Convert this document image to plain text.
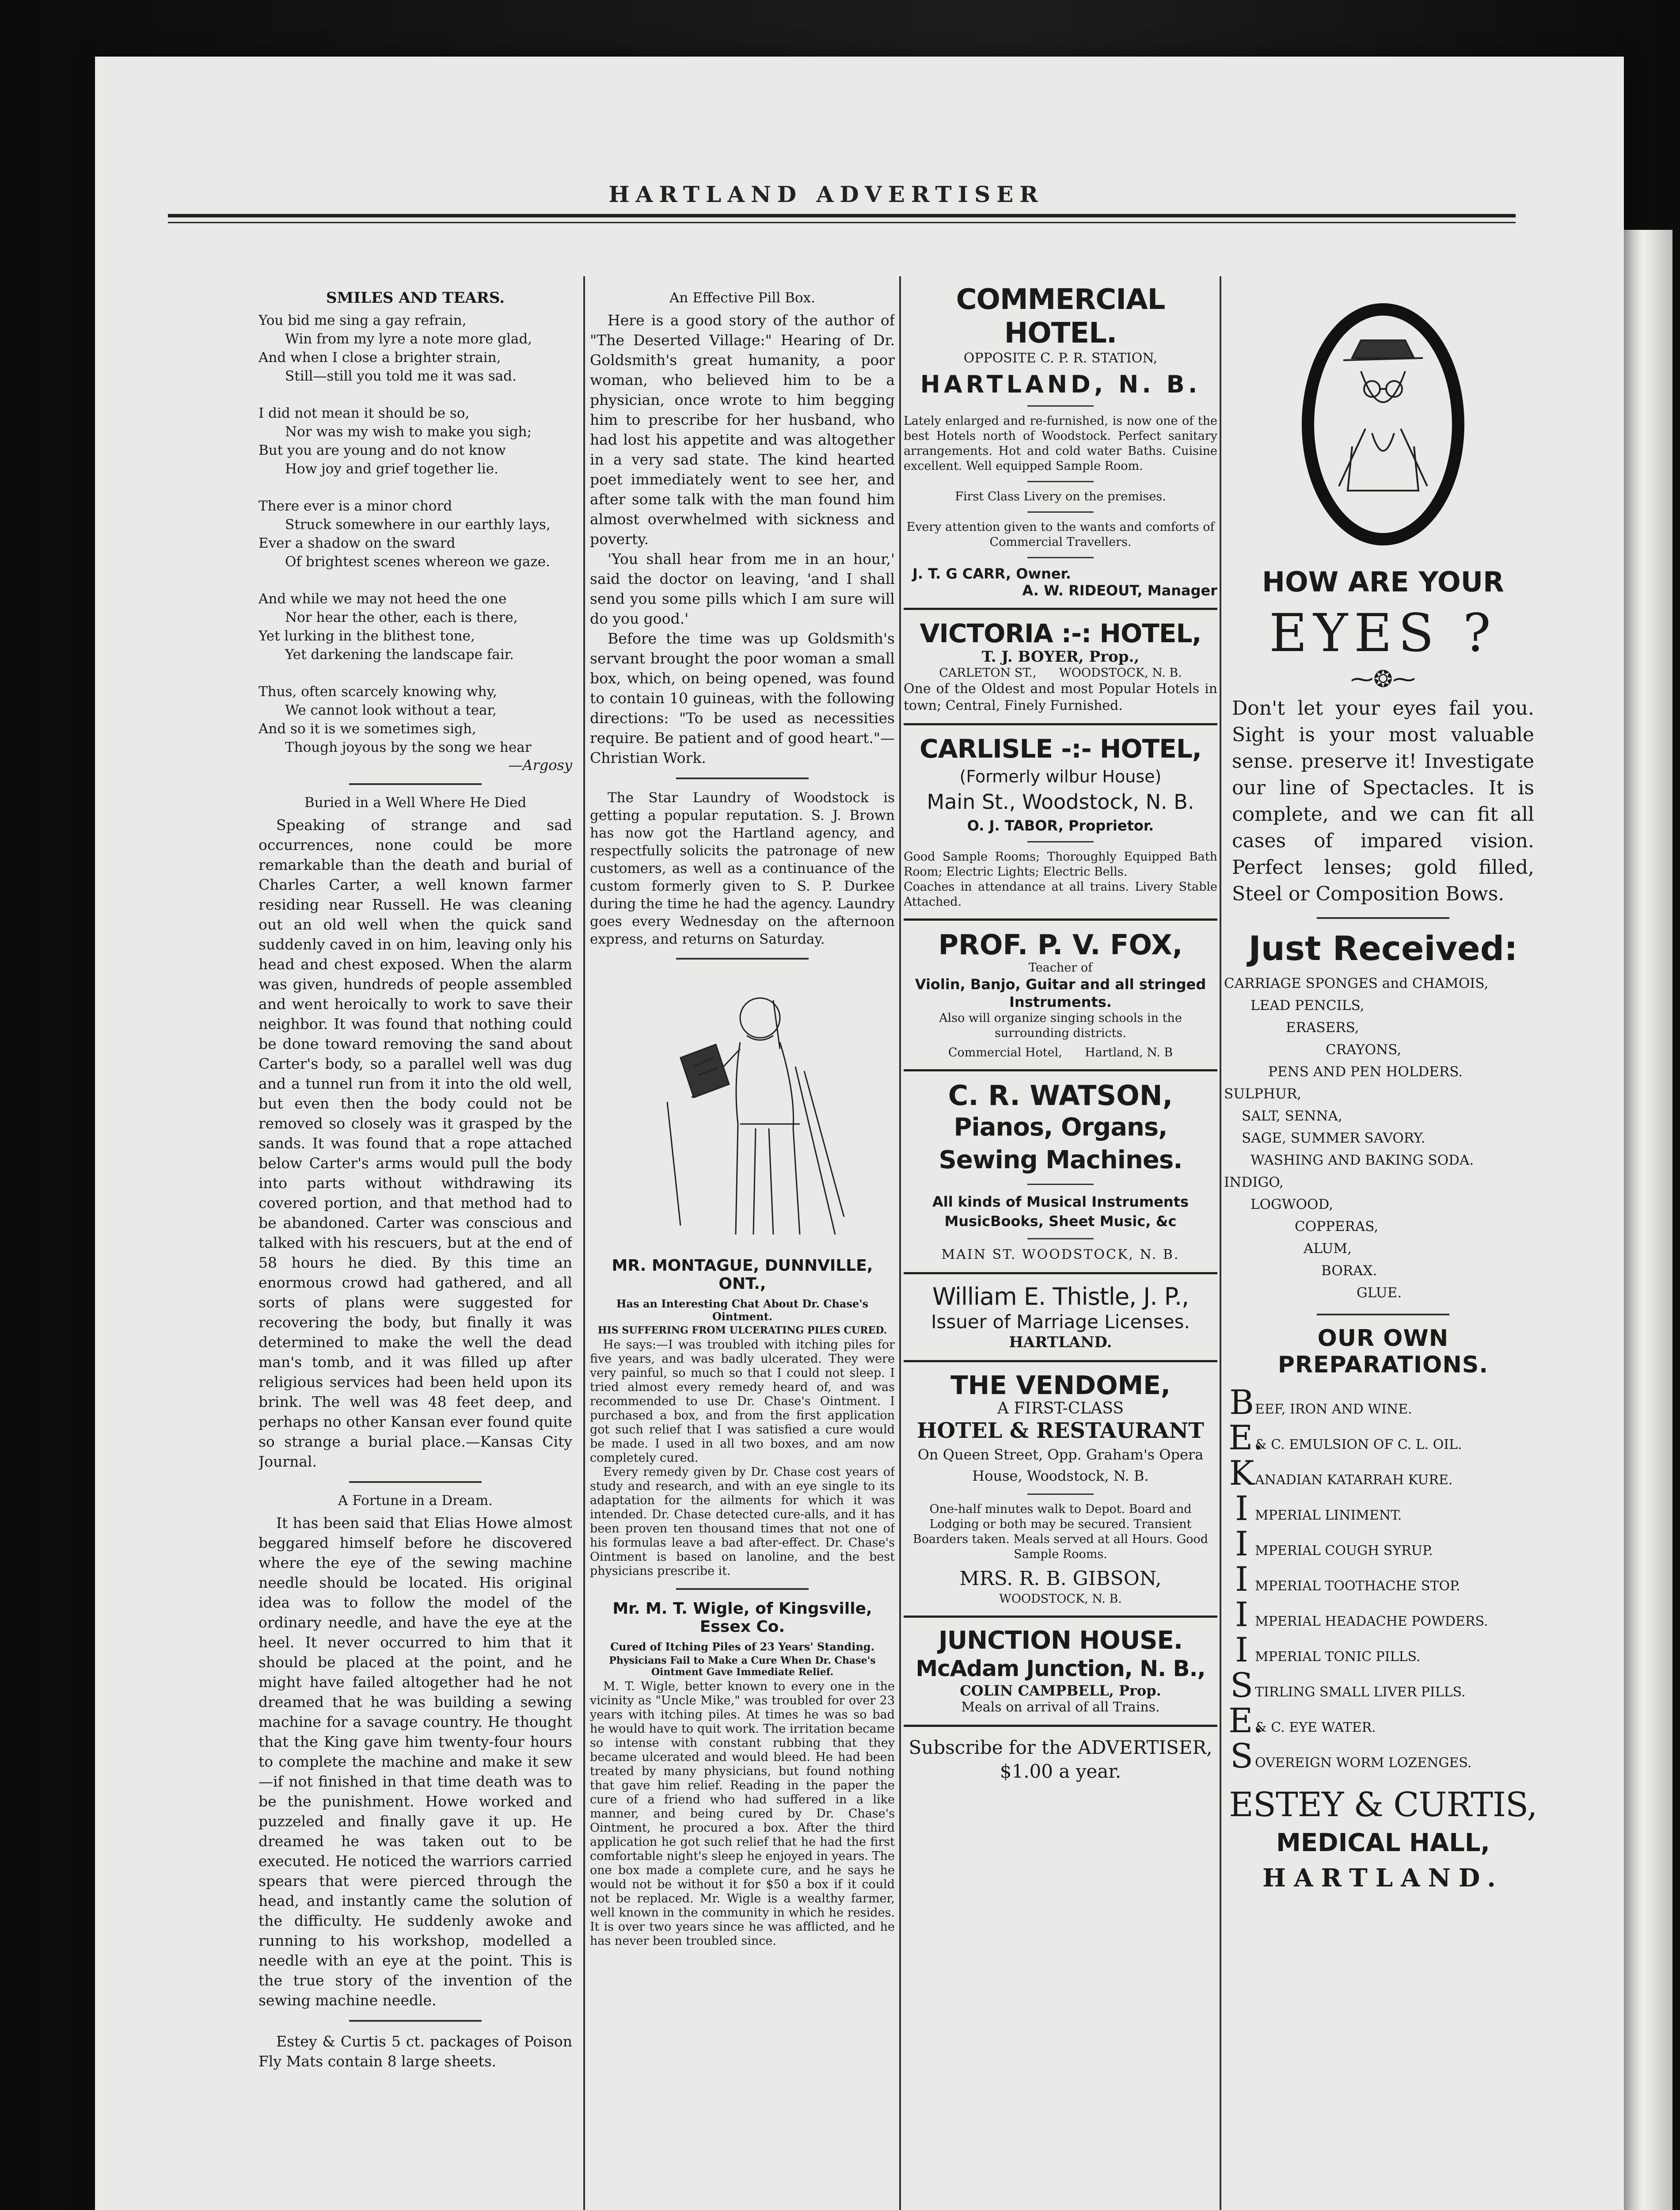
HARTLAND ADVERTISER
SMILES AND TEARS.
You bid me sing a gay refrain,
Win from my lyre a note more glad,
And when I close a brighter strain,
Still—still you told me it was sad.

I did not mean it should be so,
Nor was my wish to make you sigh;
But you are young and do not know
How joy and grief together lie.

There ever is a minor chord
Struck somewhere in our earthly lays,
Ever a shadow on the sward
Of brightest scenes whereon we gaze.

And while we may not heed the one
Nor hear the other, each is there,
Yet lurking in the blithest tone,
Yet darkening the landscape fair.

Thus, often scarcely knowing why,
We cannot look without a tear,
And so it is we sometimes sigh,
Though joyous by the song we hear
—Argosy
Buried in a Well Where He Died
Speaking of strange and sad occurrences, none could be more remarkable than the death and burial of Charles Carter, a well known farmer residing near Russell. He was cleaning out an old well when the quick sand suddenly caved in on him, leaving only his head and chest exposed. When the alarm was given, hundreds of people assembled and went heroically to work to save their neighbor. It was found that nothing could be done toward removing the sand about Carter's body, so a parallel well was dug and a tunnel run from it into the old well, but even then the body could not be removed so closely was it grasped by the sands. It was found that a rope attached below Carter's arms would pull the body into parts without withdrawing its covered portion, and that method had to be abandoned. Carter was conscious and talked with his rescuers, but at the end of 58 hours he died. By this time an enormous crowd had gathered, and all sorts of plans were suggested for recovering the body, but finally it was determined to make the well the dead man's tomb, and it was filled up after religious services had been held upon its brink. The well was 48 feet deep, and perhaps no other Kansan ever found quite so strange a burial place.—Kansas City Journal.
A Fortune in a Dream.
It has been said that Elias Howe almost beggared himself before he discovered where the eye of the sewing machine needle should be located. His original idea was to follow the model of the ordinary needle, and have the eye at the heel. It never occurred to him that it should be placed at the point, and he might have failed altogether had he not dreamed that he was building a sewing machine for a savage country. He thought that the King gave him twenty-four hours to complete the machine and make it sew—if not finished in that time death was to be the punishment. Howe worked and puzzeled and finally gave it up. He dreamed he was taken out to be executed. He noticed the warriors carried spears that were pierced through the head, and instantly came the solution of the difficulty. He suddenly awoke and running to his workshop, modelled a needle with an eye at the point. This is the true story of the invention of the sewing machine needle.
Estey & Curtis 5 ct. packages of Poison Fly Mats contain 8 large sheets.
An Effective Pill Box.
Here is a good story of the author of "The Deserted Village:" Hearing of Dr. Goldsmith's great humanity, a poor woman, who believed him to be a physician, once wrote to him begging him to prescribe for her husband, who had lost his appetite and was altogether in a very sad state. The kind hearted poet immediately went to see her, and after some talk with the man found him almost overwhelmed with sickness and poverty.
'You shall hear from me in an hour,' said the doctor on leaving, 'and I shall send you some pills which I am sure will do you good.'
Before the time was up Goldsmith's servant brought the poor woman a small box, which, on being opened, was found to contain 10 guineas, with the following directions: "To be used as necessities require. Be patient and of good heart."—Christian Work.
The Star Laundry of Woodstock is getting a popular reputation. S. J. Brown has now got the Hartland agency, and respectfully solicits the patronage of new customers, as well as a continuance of the custom formerly given to S. P. Durkee during the time he had the agency. Laundry goes every Wednesday on the afternoon express, and returns on Saturday.
MR. MONTAGUE, DUNNVILLE, ONT.,
Has an Interesting Chat About Dr. Chase's Ointment.
HIS SUFFERING FROM ULCERATING PILES CURED.
He says:—I was troubled with itching piles for five years, and was badly ulcerated. They were very painful, so much so that I could not sleep. I tried almost every remedy heard of, and was recommended to use Dr. Chase's Ointment. I purchased a box, and from the first application got such relief that I was satisfied a cure would be made. I used in all two boxes, and am now completely cured.
Every remedy given by Dr. Chase cost years of study and research, and with an eye single to its adaptation for the ailments for which it was intended. Dr. Chase detected cure-alls, and it has been proven ten thousand times that not one of his formulas leave a bad after-effect. Dr. Chase's Ointment is based on lanoline, and the best physicians prescribe it.
Mr. M. T. Wigle, of Kingsville, Essex Co.
Cured of Itching Piles of 23 Years' Standing.
Physicians Fail to Make a Cure When Dr. Chase's Ointment Gave Immediate Relief.
M. T. Wigle, better known to every one in the vicinity as "Uncle Mike," was troubled for over 23 years with itching piles. At times he was so bad he would have to quit work. The irritation became so intense with constant rubbing that they became ulcerated and would bleed. He had been treated by many physicians, but found nothing that gave him relief. Reading in the paper the cure of a friend who had suffered in a like manner, and being cured by Dr. Chase's Ointment, he procured a box. After the third application he got such relief that he had the first comfortable night's sleep he enjoyed in years. The one box made a complete cure, and he says he would not be without it for $50 a box if it could not be replaced. Mr. Wigle is a wealthy farmer, well known in the community in which he resides. It is over two years since he was afflicted, and he has never been troubled since.
COMMERCIAL HOTEL.
OPPOSITE C. P. R. STATION,
HARTLAND, N. B.
Lately enlarged and re-furnished, is now one of the best Hotels north of Woodstock. Perfect sanitary arrangements. Hot and cold water Baths. Cuisine excellent. Well equipped Sample Room.
First Class Livery on the premises.
Every attention given to the wants and comforts of Commercial Travellers.
J. T. G CARR, Owner.
A. W. RIDEOUT, Manager
VICTORIA :-: HOTEL,
T. J. BOYER, Prop.,
CARLETON ST.,      WOODSTOCK, N. B.
One of the Oldest and most Popular Hotels in town; Central, Finely Furnished.
CARLISLE -:- HOTEL,
(Formerly wilbur House)
Main St., Woodstock, N. B.
O. J. TABOR, Proprietor.
Good Sample Rooms; Thoroughly Equipped Bath Room; Electric Lights; Electric Bells.
Coaches in attendance at all trains. Livery Stable Attached.
PROF. P. V. FOX,
Teacher of
Violin, Banjo, Guitar and all stringed Instruments.
Also will organize singing schools in the surrounding districts.
Commercial Hotel,      Hartland, N. B
C. R. WATSON,
Pianos, Organs, Sewing Machines.
All kinds of Musical Instruments MusicBooks, Sheet Music, &c
MAIN ST. WOODSTOCK, N. B.
William E. Thistle, J. P.,
Issuer of Marriage Licenses.
HARTLAND.
THE VENDOME,
A FIRST-CLASS
HOTEL & RESTAURANT
On Queen Street, Opp. Graham's Opera House, Woodstock, N. B.
One-half minutes walk to Depot. Board and Lodging or both may be secured. Transient Boarders taken. Meals served at all Hours. Good Sample Rooms.
MRS. R. B. GIBSON,
WOODSTOCK, N. B.
JUNCTION HOUSE.
McAdam Junction, N. B.,
COLIN CAMPBELL, Prop.
Meals on arrival of all Trains.
Subscribe for the ADVERTISER, $1.00 a year.
HOW ARE YOUR
EYES ?
⁓❂⁓
Don't let your eyes fail you. Sight is your most valuable sense. preserve it! Investigate our line of Spectacles. It is complete, and we can fit all cases of impared vision. Perfect lenses; gold filled, Steel or Composition Bows.
Just Received:
CARRIAGE SPONGES and CHAMOIS,
LEAD PENCILS,
ERASERS,
CRAYONS,
PENS AND PEN HOLDERS.
SULPHUR,
SALT, SENNA,
SAGE, SUMMER SAVORY.
WASHING AND BAKING SODA.
INDIGO,
LOGWOOD,
COPPERAS,
ALUM,
BORAX.
GLUE.
OUR OWN PREPARATIONS.
B EEF, IRON AND WINE.
E.
& C. EMULSION OF C. L. OIL.
K ANADIAN KATARRAH KURE.
I MPERIAL LINIMENT.
I MPERIAL COUGH SYRUP.
I MPERIAL TOOTHACHE STOP.
I MPERIAL HEADACHE POWDERS.
I MPERIAL TONIC PILLS.
S TIRLING SMALL LIVER PILLS.
E.
& C. EYE WATER.
S OVEREIGN WORM LOZENGES.
ESTEY & CURTIS,
MEDICAL HALL,
HARTLAND.
